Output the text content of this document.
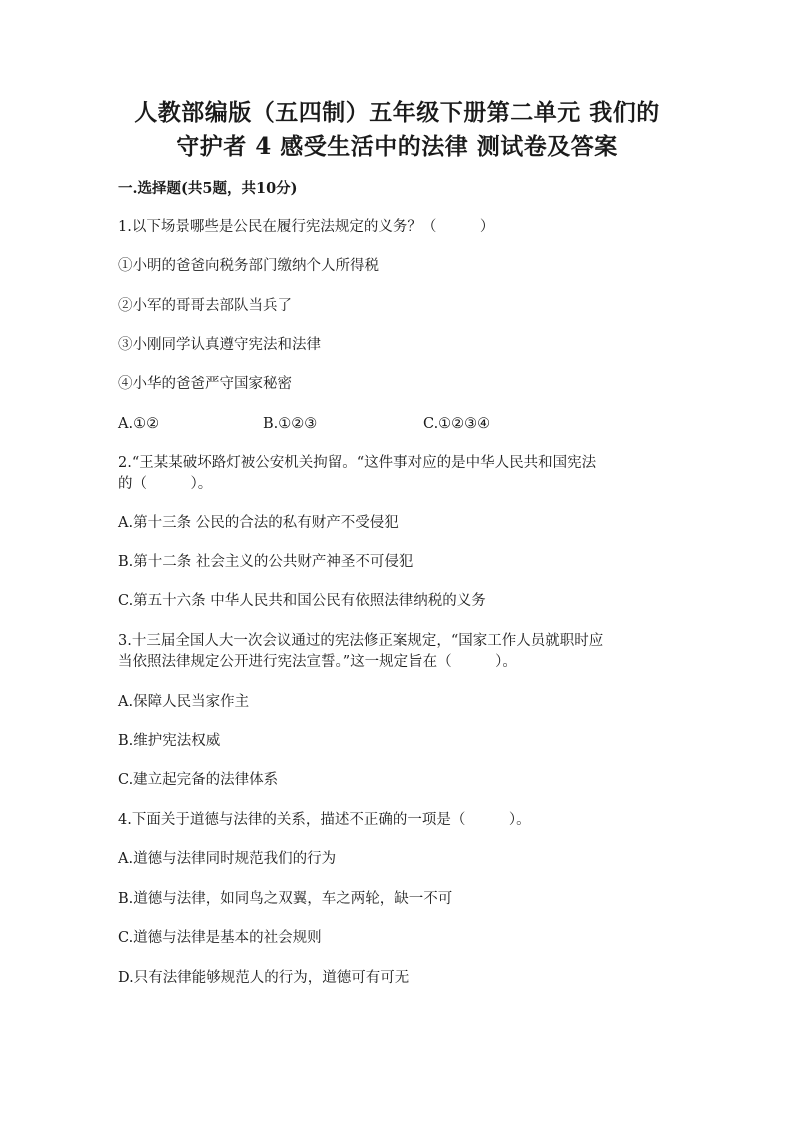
人教部编版（五四制）五年级下册第二单元 我们的
守护者 4 感受生活中的法律 测试卷及答案
一.选择题(共5题，共10分)
1.以下场景哪些是公民在履行宪法规定的义务？（　　　）
①小明的爸爸向税务部门缴纳个人所得税
②小军的哥哥去部队当兵了
③小刚同学认真遵守宪法和法律
④小华的爸爸严守国家秘密
A.①②	B.①②③	C.①②③④
2.“王某某破坏路灯被公安机关拘留。“这件事对应的是中华人民共和国宪法
的（　　　）。
A.第十三条 公民的合法的私有财产不受侵犯
B.第十二条 社会主义的公共财产神圣不可侵犯
C.第五十六条 中华人民共和国公民有依照法律纳税的义务
3.十三届全国人大一次会议通过的宪法修正案规定，“国家工作人员就职时应
当依照法律规定公开进行宪法宣誓。”这一规定旨在（　　　）。
A.保障人民当家作主
B.维护宪法权威
C.建立起完备的法律体系
4.下面关于道德与法律的关系，描述不正确的一项是（　　　）。
A.道德与法律同时规范我们的行为
B.道德与法律，如同鸟之双翼，车之两轮，缺一不可
C.道德与法律是基本的社会规则
D.只有法律能够规范人的行为，道德可有可无
